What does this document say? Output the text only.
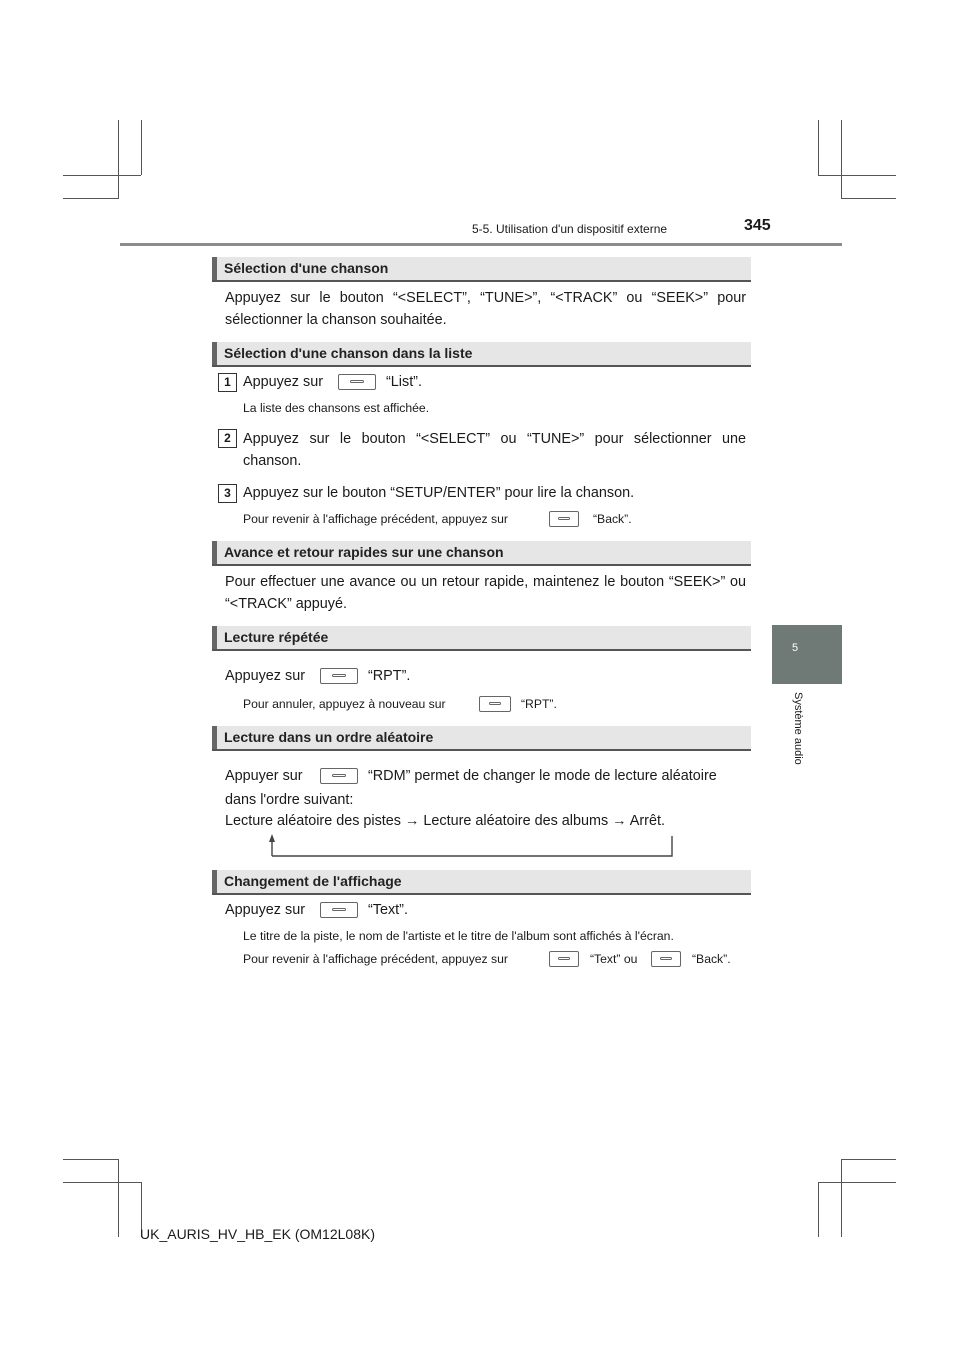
5-5. Utilisation d'un dispositif externe	345
5
Système audio
Sélection d'une chanson
Appuyez sur le bouton “<SELECT”, “TUNE>”, “<TRACK” ou “SEEK>” pour sélectionner la chanson souhaitée.
Sélection d'une chanson dans la liste
1 Appuyez sur	“List”.
La liste des chansons est affichée.
2 Appuyez sur le bouton “<SELECT” ou “TUNE>” pour sélectionner une chanson.
3 Appuyez sur le bouton “SETUP/ENTER” pour lire la chanson.
Pour revenir à l'affichage précédent, appuyez sur	“Back”.
Avance et retour rapides sur une chanson
Pour effectuer une avance ou un retour rapide, maintenez le bouton “SEEK>” ou “<TRACK” appuyé.
Lecture répétée
Appuyez sur	“RPT”.
Pour annuler, appuyez à nouveau sur	“RPT”.
Lecture dans un ordre aléatoire
Appuyer sur	“RDM” permet de changer le mode de lecture aléatoire
dans l'ordre suivant:
Lecture aléatoire des pistes → Lecture aléatoire des albums → Arrêt.
Changement de l'affichage
Appuyez sur	“Text”.
Le titre de la piste, le nom de l'artiste et le titre de l'album sont affichés à l'écran.
Pour revenir à l'affichage précédent, appuyez sur	“Text” ou	“Back”.
UK_AURIS_HV_HB_EK (OM12L08K)
